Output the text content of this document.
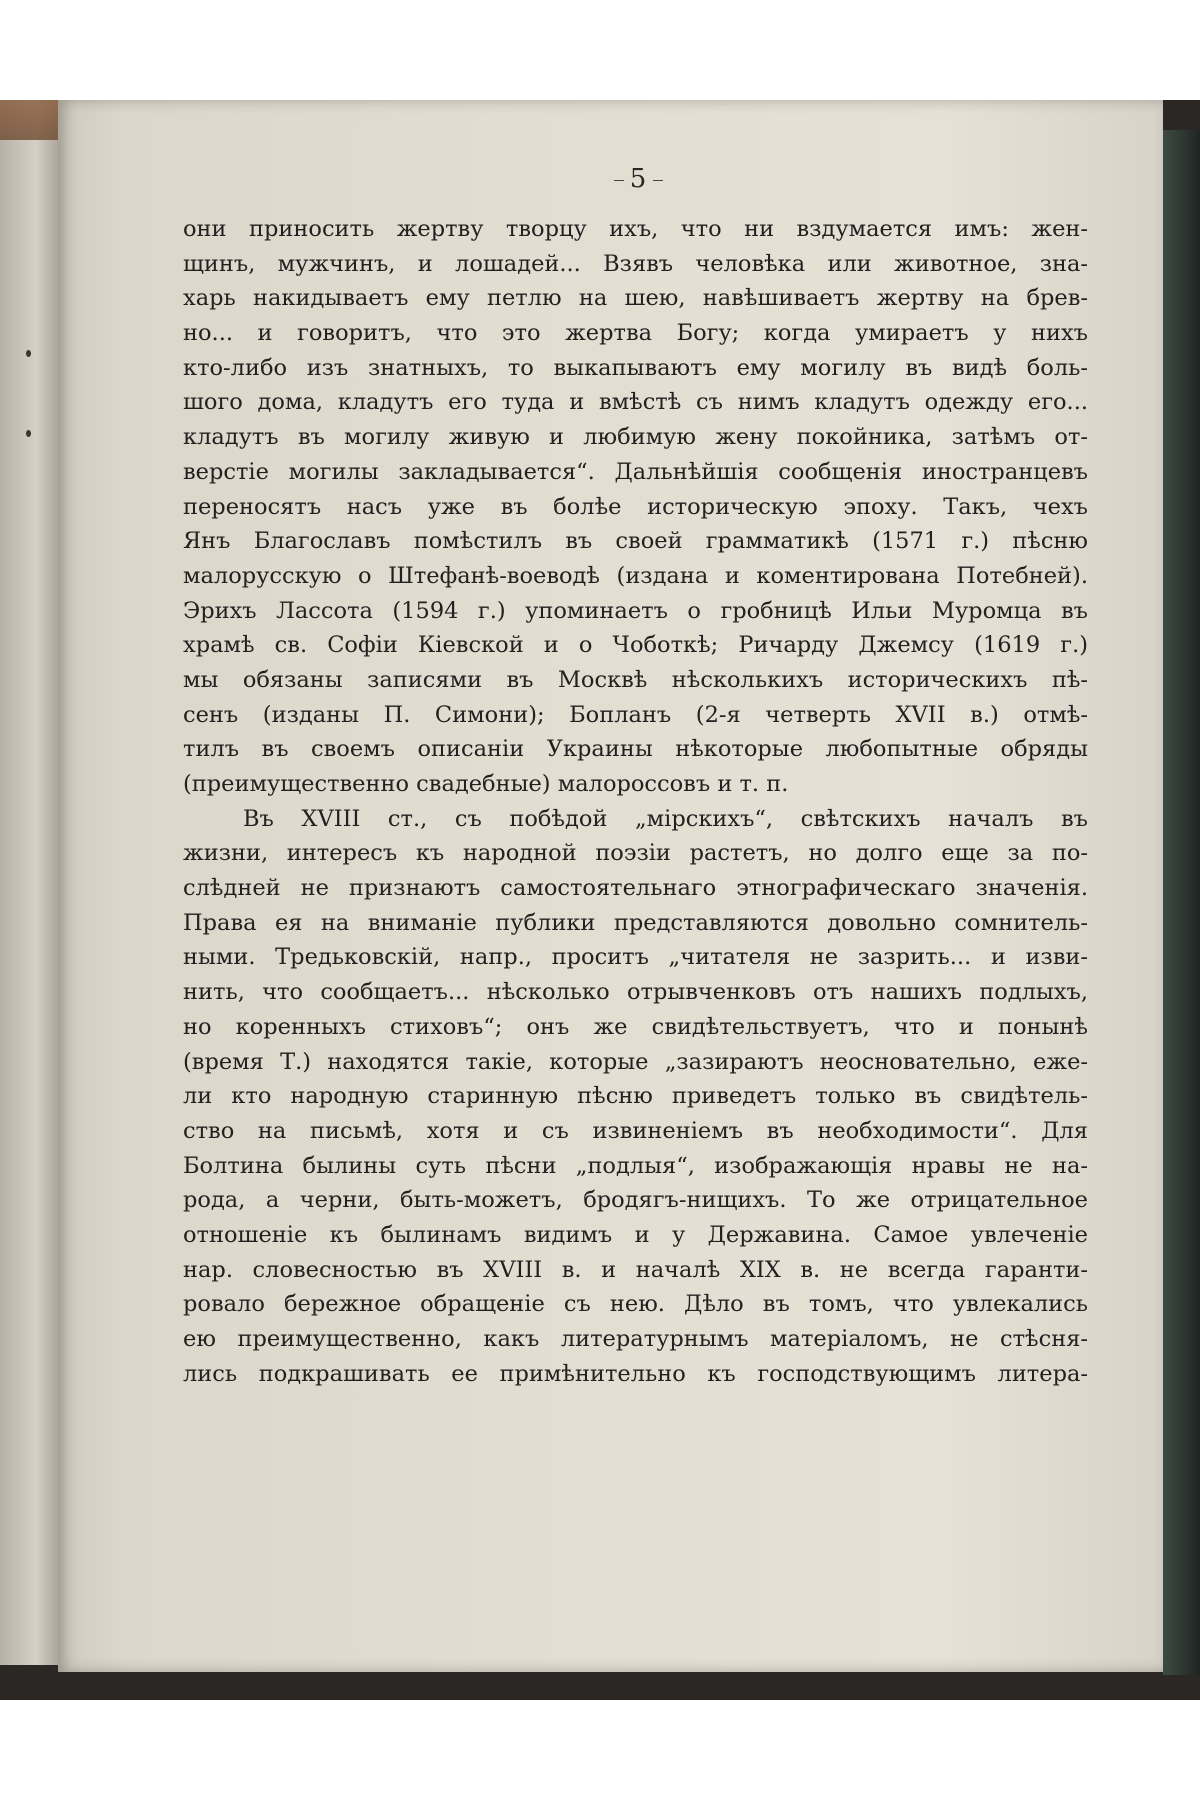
5
они приносить жертву творцу ихъ, что ни вздумается имъ: жен-
щинъ, мужчинъ, и лошадей... Взявъ человѣка или животное, зна-
харь накидываетъ ему петлю на шею, навѣшиваетъ жертву на брев-
но... и говоритъ, что это жертва Богу; когда умираетъ у нихъ
кто-либо изъ знатныхъ, то выкапываютъ ему могилу въ видѣ боль-
шого дома, кладутъ его туда и вмѣстѣ съ нимъ кладутъ одежду его...
кладутъ въ могилу живую и любимую жену покойника, затѣмъ от-
верстіе могилы закладывается“. Дальнѣйшія сообщенія иностранцевъ
переносятъ насъ уже въ болѣе историческую эпоху. Такъ, чехъ
Янъ Благославъ помѣстилъ въ своей грамматикѣ (1571 г.) пѣсню
малорусскую о Штефанѣ-воеводѣ (издана и коментирована Потебней).
Эрихъ Лассота (1594 г.) упоминаетъ о гробницѣ Ильи Муромца въ
храмѣ св. Софіи Кіевской и о Чоботкѣ; Ричарду Джемсу (1619 г.)
мы обязаны записями въ Москвѣ нѣсколькихъ историческихъ пѣ-
сенъ (изданы П. Симони); Бопланъ (2-я четверть XVII в.) отмѣ-
тилъ въ своемъ описаніи Украины нѣкоторые любопытные обряды
(преимущественно свадебные) малороссовъ и т. п.
Въ XVIII ст., съ побѣдой „мірскихъ“, свѣтскихъ началъ въ
жизни, интересъ къ народной поэзіи растетъ, но долго еще за по-
слѣдней не признаютъ самостоятельнаго этнографическаго значенія.
Права ея на вниманіе публики представляются довольно сомнитель-
ными. Тредьковскій, напр., проситъ „читателя не зазрить... и изви-
нить, что сообщаетъ... нѣсколько отрывченковъ отъ нашихъ подлыхъ,
но коренныхъ стиховъ“; онъ же свидѣтельствуетъ, что и понынѣ
(время Т.) находятся такіе, которые „зазираютъ неосновательно, еже-
ли кто народную старинную пѣсню приведетъ только въ свидѣтель-
ство на письмѣ, хотя и съ извиненіемъ въ необходимости“. Для
Болтина былины суть пѣсни „подлыя“, изображающія нравы не на-
рода, а черни, быть-можетъ, бродягъ-нищихъ. То же отрицательное
отношеніе къ былинамъ видимъ и у Державина. Самое увлеченіе
нар. словесностью въ XVIII в. и началѣ XIX в. не всегда гаранти-
ровало бережное обращеніе съ нею. Дѣло въ томъ, что увлекались
ею преимущественно, какъ литературнымъ матеріаломъ, не стѣсня-
лись подкрашивать ее примѣнительно къ господствующимъ литера-
